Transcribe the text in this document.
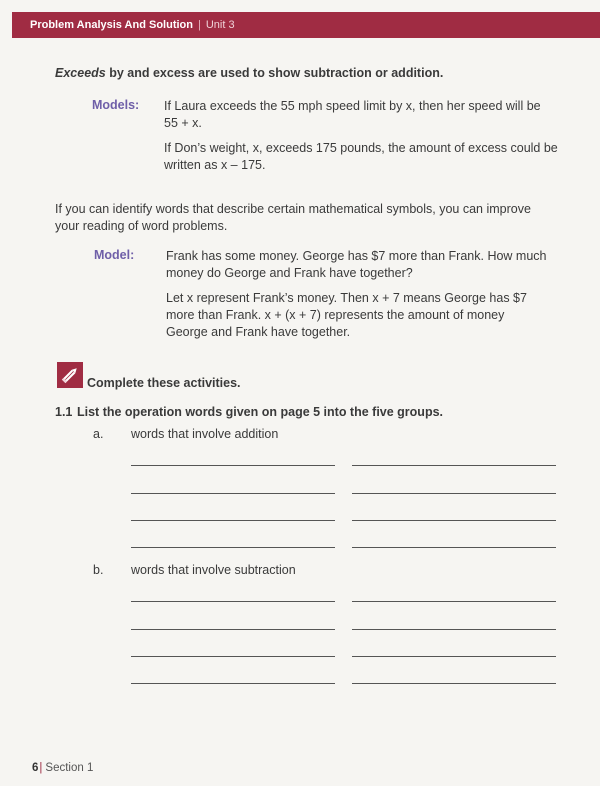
Problem Analysis And Solution | Unit 3
Exceeds by and excess are used to show subtraction or addition.
Models: If Laura exceeds the 55 mph speed limit by x, then her speed will be
55 + x.
If Don’s weight, x, exceeds 175 pounds, the amount of excess could be
written as x – 175.
If you can identify words that describe certain mathematical symbols, you can improve
your reading of word problems.
Model:	Frank has some money. George has $7 more than Frank. How much
money do George and Frank have together?
Let x represent Frank’s money. Then x + 7 means George has $7
more than Frank. x + (x + 7) represents the amount of money
George and Frank have together.
Complete these activities.
1.1 List the operation words given on page 5 into the five groups.
a. words that involve addition
b. words that involve subtraction
6| Section 1
